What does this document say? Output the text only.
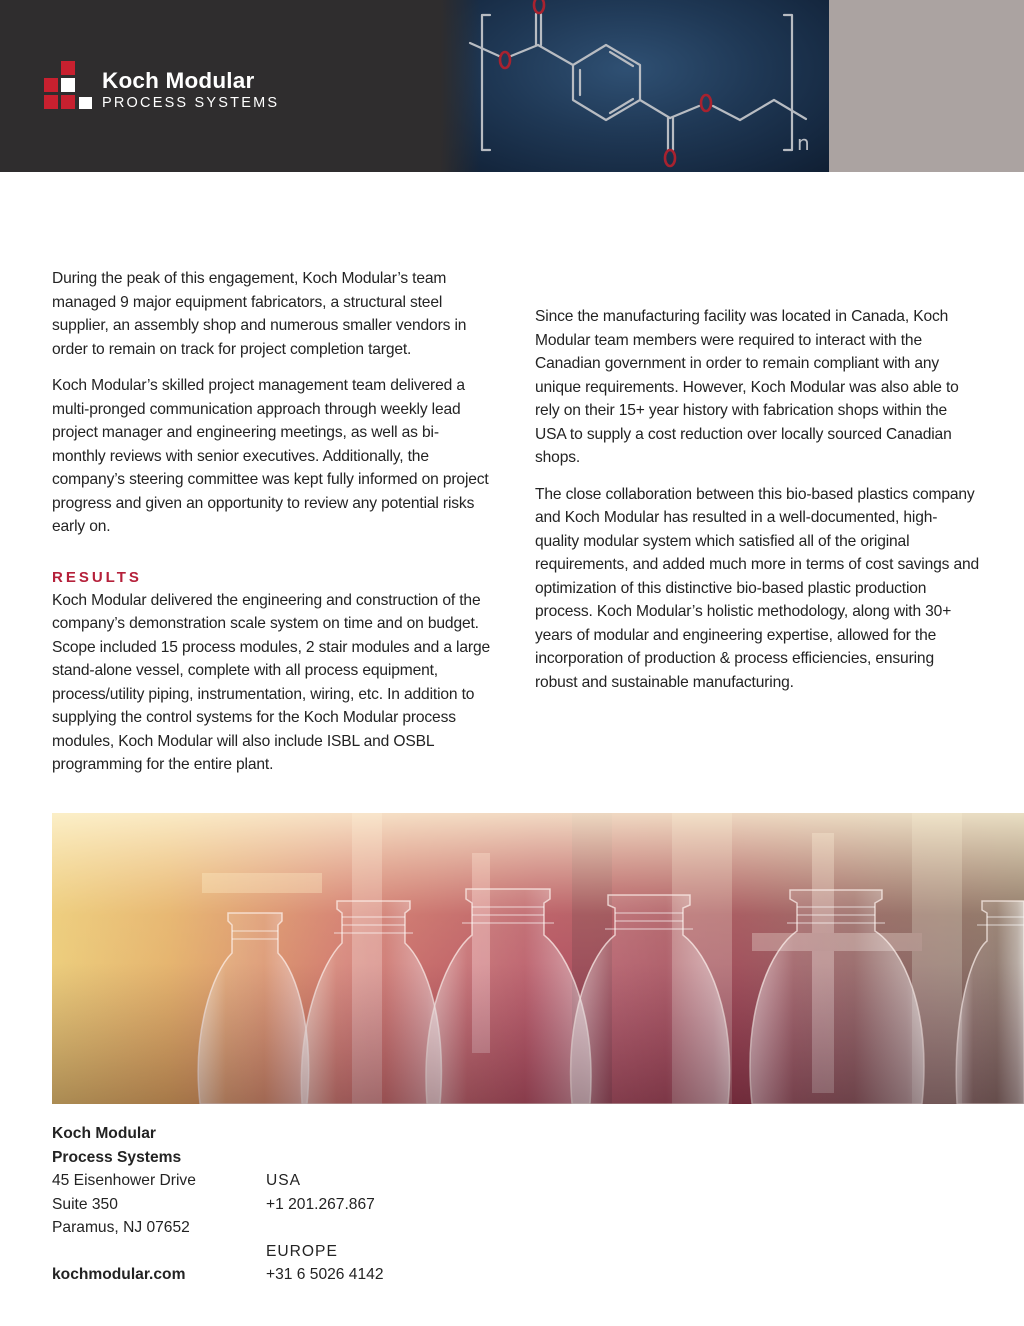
n
Koch Modular
PROCESS SYSTEMS

During the peak of this engagement, Koch Modular’s team managed 9 major equipment fabricators, a structural steel supplier, an assembly shop and numerous smaller vendors in order to remain on track for project completion target.

Koch Modular’s skilled project management team delivered a multi-pronged communication approach through weekly lead project manager and engineering meetings, as well as bi-monthly reviews with senior executives. Additionally, the company’s steering committee was kept fully informed on project progress and given an opportunity to review any potential risks early on.

RESULTS

Koch Modular delivered the engineering and construction of the company’s demonstration scale system on time and on budget. Scope included 15 process modules, 2 stair modules and a large stand-alone vessel, complete with all process equipment, process/utility piping, instrumentation, wiring, etc. In addition to supplying the control systems for the Koch Modular process modules, Koch Modular will also include ISBL and OSBL programming for the entire plant.

Since the manufacturing facility was located in Canada, Koch Modular team members were required to interact with the Canadian government in order to remain compliant with any unique requirements. However, Koch Modular was also able to rely on their 15+ year history with fabrication shops within the USA to supply a cost reduction over locally sourced Canadian shops.

The close collaboration between this bio-based plastics company and Koch Modular has resulted in a well-documented, high-quality modular system which satisfied all of the original requirements, and added much more in terms of cost savings and optimization of this distinctive bio-based plastic production process. Koch Modular’s holistic methodology, along with 30+ years of modular and engineering expertise, allowed for the incorporation of production & process efficiencies, ensuring robust and sustainable manufacturing.

Koch Modular
Process Systems
45 Eisenhower Drive
Suite 350
Paramus, NJ 07652
kochmodular.com
USA
+1 201.267.867
EUROPE
+31 6 5026 4142
